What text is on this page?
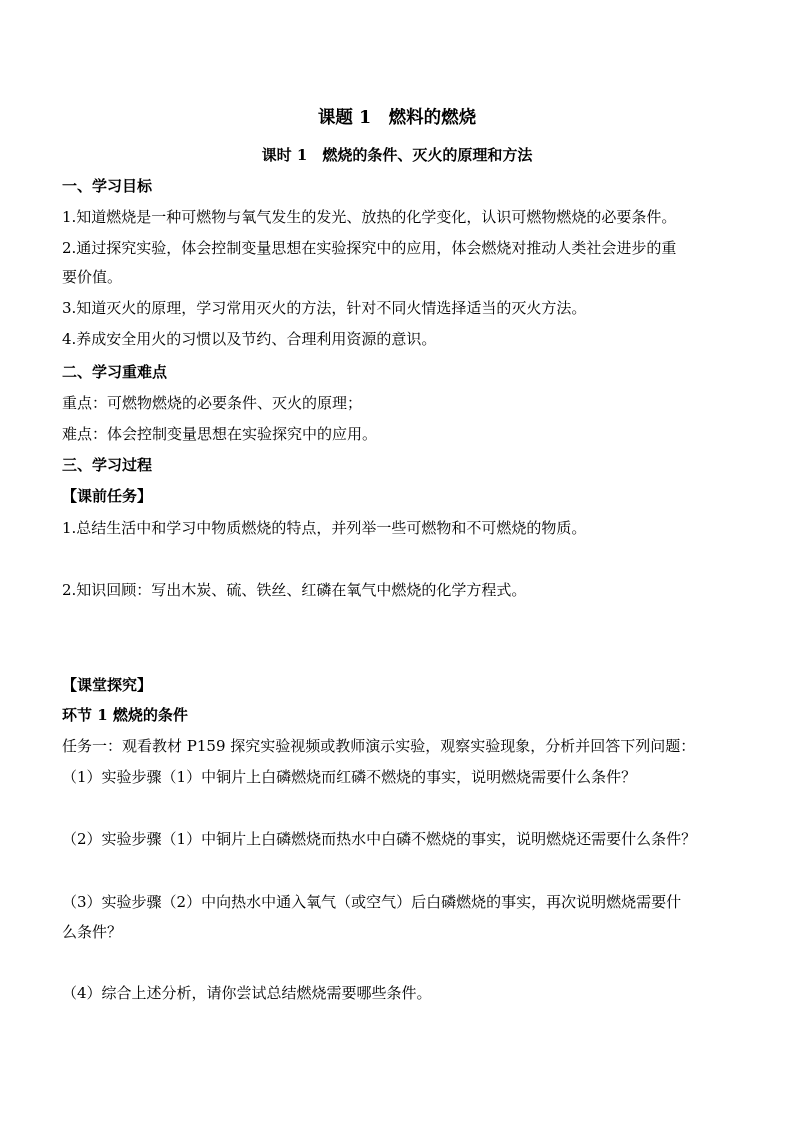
课题 1　燃料的燃烧
课时 1　燃烧的条件、灭火的原理和方法
一、学习目标
1.知道燃烧是一种可燃物与氧气发生的发光、放热的化学变化，认识可燃物燃烧的必要条件。
2.通过探究实验，体会控制变量思想在实验探究中的应用，体会燃烧对推动人类社会进步的重
要价值。
3.知道灭火的原理，学习常用灭火的方法，针对不同火情选择适当的灭火方法。
4.养成安全用火的习惯以及节约、合理利用资源的意识。
二、学习重难点
重点：可燃物燃烧的必要条件、灭火的原理；
难点：体会控制变量思想在实验探究中的应用。
三、学习过程
【课前任务】
1.总结生活中和学习中物质燃烧的特点，并列举一些可燃物和不可燃烧的物质。
2.知识回顾：写出木炭、硫、铁丝、红磷在氧气中燃烧的化学方程式。
【课堂探究】
环节 1 燃烧的条件
任务一：观看教材 P159 探究实验视频或教师演示实验，观察实验现象，分析并回答下列问题：
（1）实验步骤（1）中铜片上白磷燃烧而红磷不燃烧的事实，说明燃烧需要什么条件？
（2）实验步骤（1）中铜片上白磷燃烧而热水中白磷不燃烧的事实，说明燃烧还需要什么条件？
（3）实验步骤（2）中向热水中通入氧气（或空气）后白磷燃烧的事实，再次说明燃烧需要什
么条件？
（4）综合上述分析，请你尝试总结燃烧需要哪些条件。
